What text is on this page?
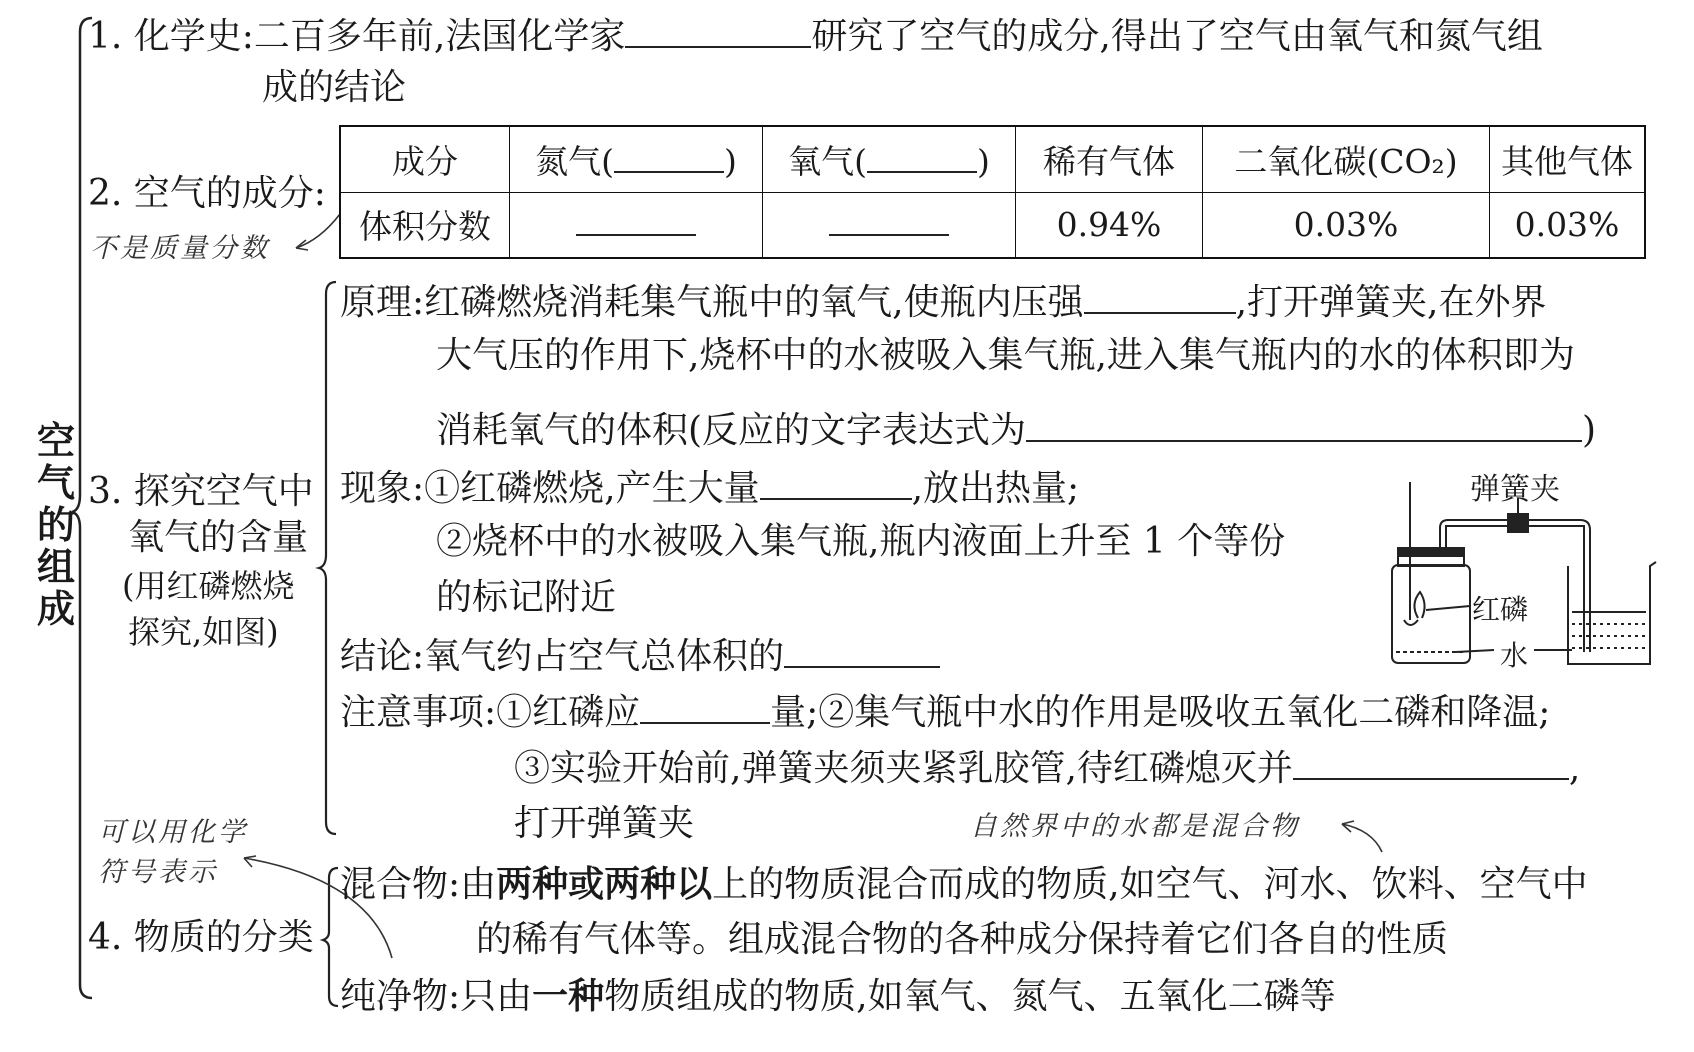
空气的组成
1. 化学史:二百多年前,法国化学家	研究了空气的成分,得出了空气由氧气和氮气组
成的结论
2. 空气的成分:
不是质量分数
成分	氮气( )	氧气( )	稀有气体	二氧化碳(CO₂)	其他气体
体积分数			0.94%	0.03%	0.03%
3. 探究空气中
氧气的含量
(用红磷燃烧
探究,如图)
原理:红磷燃烧消耗集气瓶中的氧气,使瓶内压强	,打开弹簧夹,在外界
大气压的作用下,烧杯中的水被吸入集气瓶,进入集气瓶内的水的体积即为
消耗氧气的体积(反应的文字表达式为	)
现象:①红磷燃烧,产生大量	,放出热量;
②烧杯中的水被吸入集气瓶,瓶内液面上升至 1 个等份
的标记附近
结论:氧气约占空气总体积的
注意事项:①红磷应	量;②集气瓶中水的作用是吸收五氧化二磷和降温;
③实验开始前,弹簧夹须夹紧乳胶管,待红磷熄灭并	,
打开弹簧夹
弹簧夹
红磷
水
可以用化学
符号表示
自然界中的水都是混合物
4. 物质的分类
混合物:由两种或两种以上的物质混合而成的物质,如空气、河水、饮料、空气中
的稀有气体等。组成混合物的各种成分保持着它们各自的性质
纯净物:只由一种物质组成的物质,如氧气、氮气、五氧化二磷等
